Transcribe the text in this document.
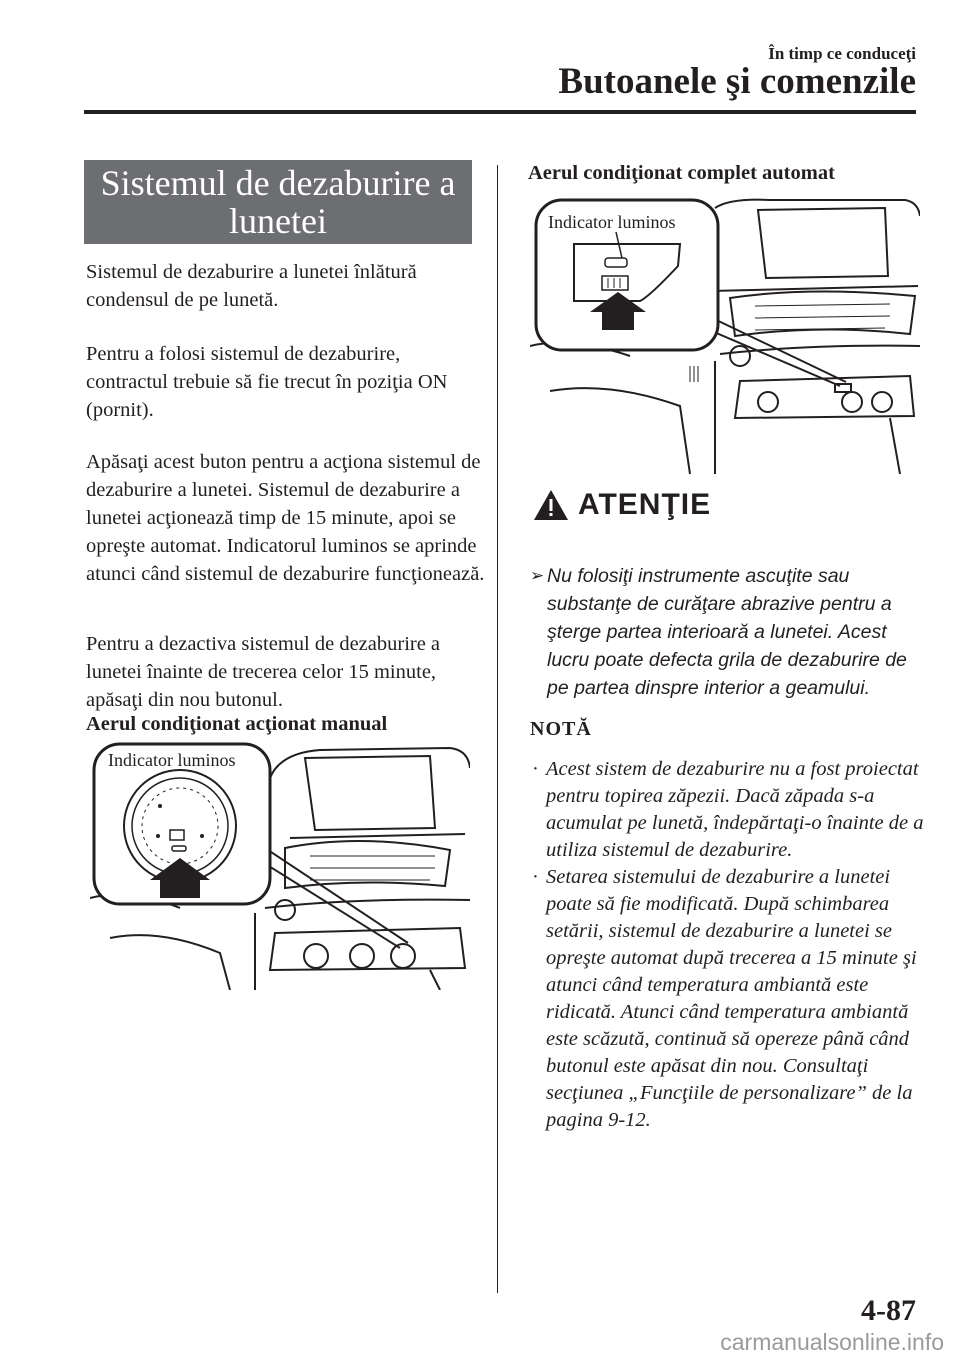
În timp ce conduceţi
Butoanele şi comenzile
Sistemul de dezaburire a lunetei
Sistemul de dezaburire a lunetei înlătură condensul de pe lunetă.
Pentru a folosi sistemul de dezaburire, contractul trebuie să fie trecut în poziţia ON (pornit).
Apăsaţi acest buton pentru a acţiona sistemul de dezaburire a lunetei. Sistemul de dezaburire a lunetei acţionează timp de 15 minute, apoi se opreşte automat. Indicatorul luminos se aprinde atunci când sistemul de dezaburire funcţionează.
Pentru a dezactiva sistemul de dezaburire a lunetei înainte de trecerea celor 15 minute, apăsaţi din nou butonul.
Aerul condiţionat acţionat manual
Indicator luminos
Aerul condiţionat complet automat
Indicator luminos
ATENŢIE
➢ Nu folosiţi instrumente ascuţite sau substanţe de curăţare abrazive pentru a şterge partea interioară a lunetei. Acest lucru poate defecta grila de dezaburire de pe partea dinspre interior a geamului.
NOTĂ
· Acest sistem de dezaburire nu a fost proiectat pentru topirea zăpezii. Dacă zăpada s-a acumulat pe lunetă, îndepărtaţi-o înainte de a utiliza sistemul de dezaburire.
· Setarea sistemului de dezaburire a lunetei poate să fie modificată. După schimbarea setării, sistemul de dezaburire a lunetei se opreşte automat după trecerea a 15 minute şi atunci când temperatura ambiantă este ridicată. Atunci când temperatura ambiantă este scăzută, continuă să opereze până când butonul este apăsat din nou. Consultaţi secţiunea „Funcţiile de personalizare” de la pagina 9-12.
4-87
carmanualsonline.info
